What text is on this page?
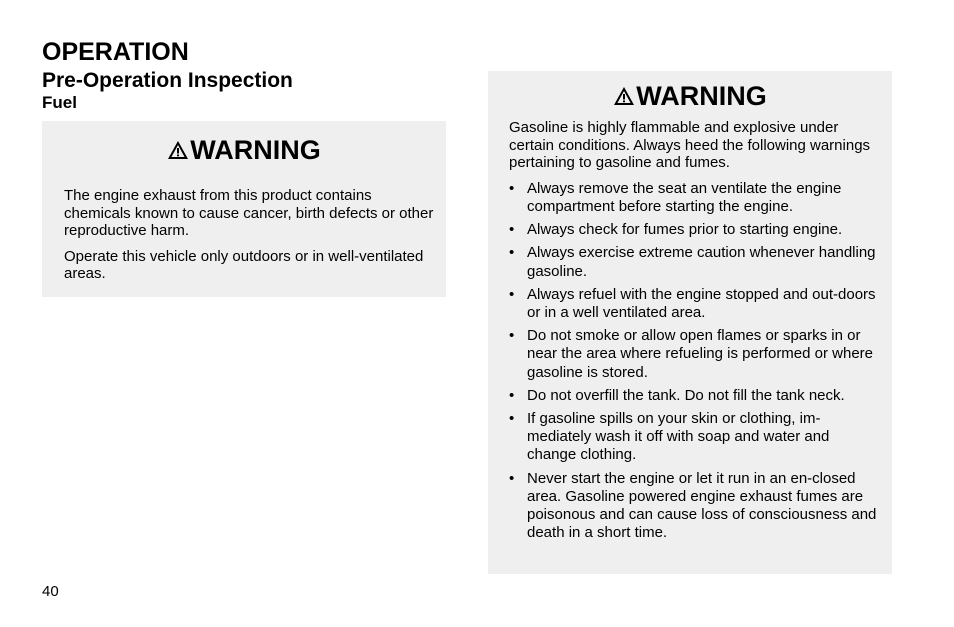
OPERATION
Pre-Operation Inspection
Fuel
WARNING

The engine exhaust from this product contains chemicals known to cause cancer, birth defects or other reproductive harm.

Operate this vehicle only outdoors or in well-ventilated areas.

WARNING

Gasoline is highly flammable and explosive under certain conditions. Always heed the following warnings pertaining to gasoline and fumes.

• Always remove the seat an ventilate the engine compartment before starting the engine.
• Always check for fumes prior to starting engine.
• Always exercise extreme caution whenever handling gasoline.
• Always refuel with the engine stopped and out-doors or in a well ventilated area.
• Do not smoke or allow open flames or sparks in or near the area where refueling is performed or where gasoline is stored.
• Do not overfill the tank. Do not fill the tank neck.
• If gasoline spills on your skin or clothing, im-mediately wash it off with soap and water and change clothing.
• Never start the engine or let it run in an en-closed area. Gasoline powered engine exhaust fumes are poisonous and can cause loss of consciousness and death in a short time.
40
